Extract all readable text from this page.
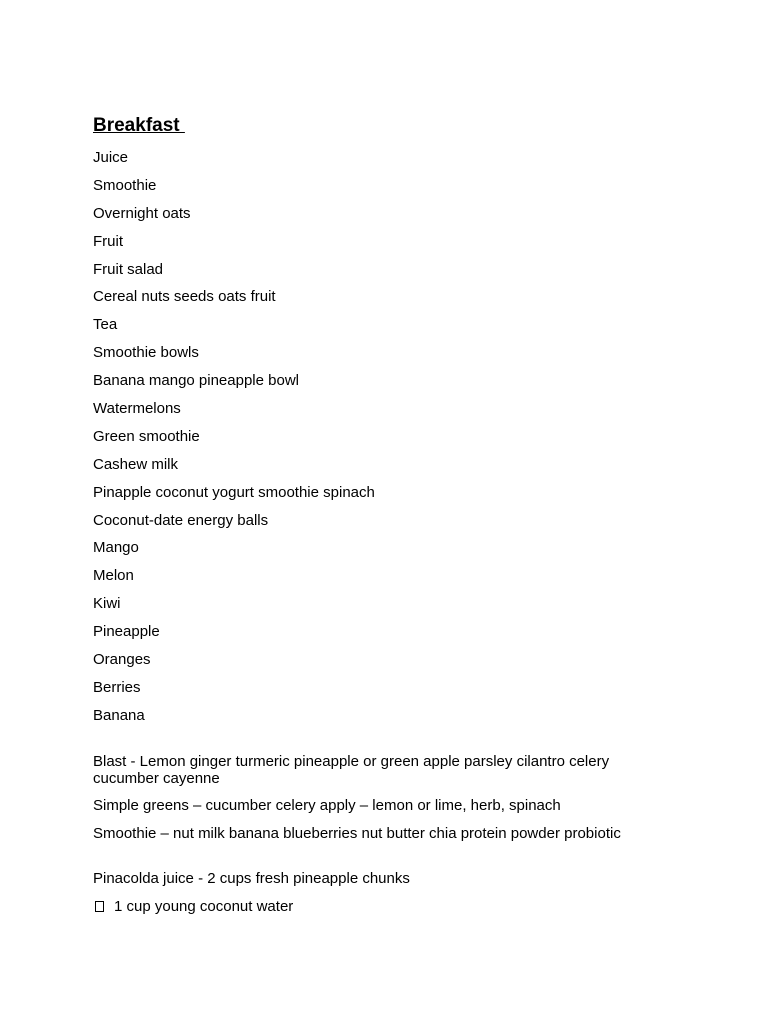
Breakfast
Juice
Smoothie
Overnight oats
Fruit
Fruit salad
Cereal nuts seeds oats fruit
Tea
Smoothie bowls
Banana mango pineapple bowl
Watermelons
Green smoothie
Cashew milk
Pinapple coconut yogurt smoothie spinach
Coconut-date energy balls
Mango
Melon
Kiwi
Pineapple
Oranges
Berries
Banana

Blast - Lemon ginger turmeric pineapple or green apple parsley cilantro celery cucumber cayenne

Simple greens – cucumber celery apply – lemon or lime, herb, spinach

Smoothie – nut milk banana blueberries nut butter chia protein powder probiotic

Pinacolda juice - 2 cups fresh pineapple chunks

1 cup young coconut water
